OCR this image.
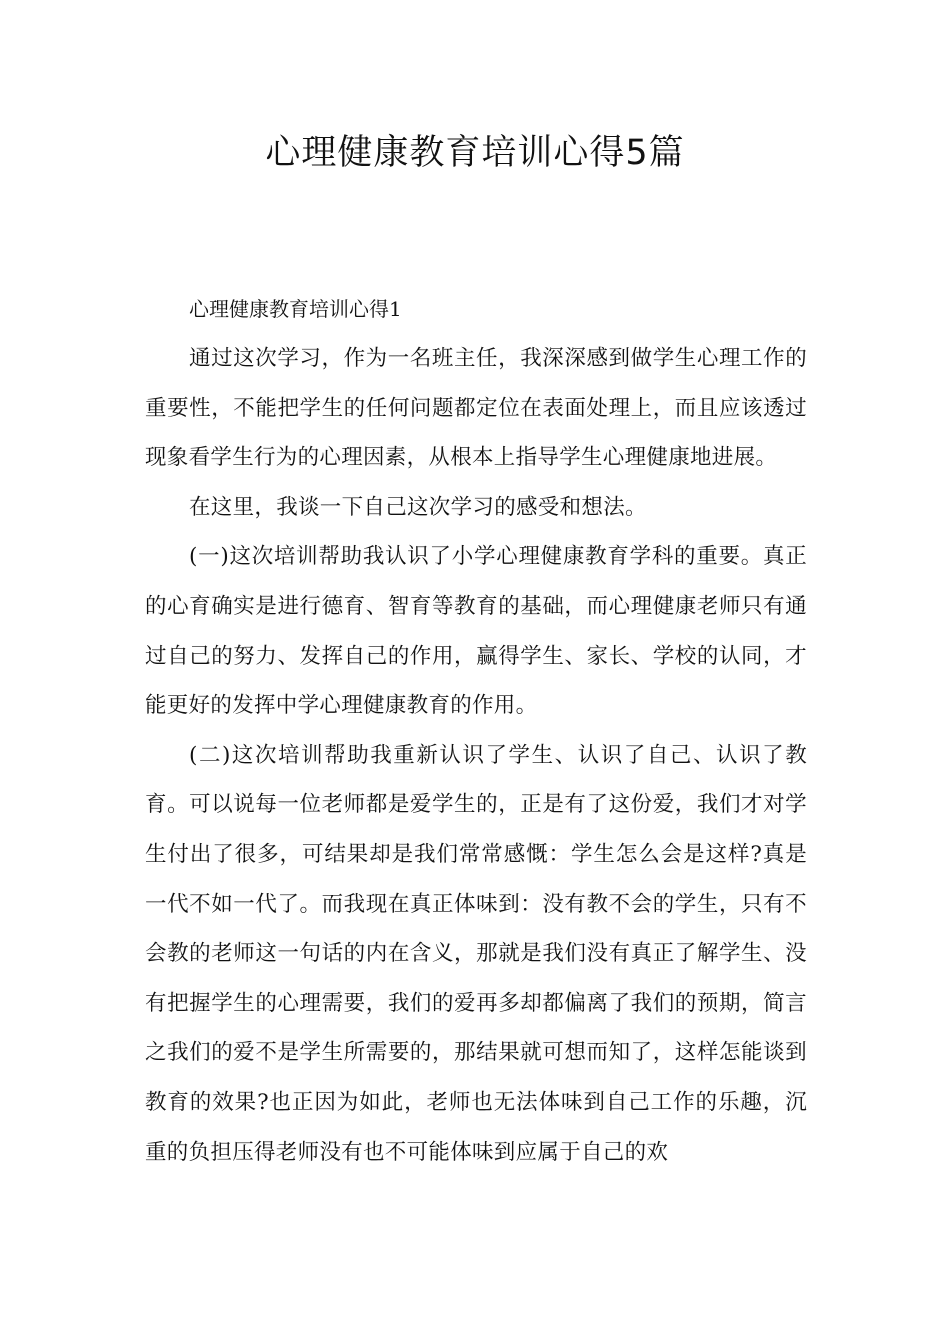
心理健康教育培训心得5篇
心理健康教育培训心得1

通过这次学习，作为一名班主任，我深深感到做学生心理工作的重要性，不能把学生的任何问题都定位在表面处理上，而且应该透过现象看学生行为的心理因素，从根本上指导学生心理健康地进展。

在这里，我谈一下自己这次学习的感受和想法。

(一)这次培训帮助我认识了小学心理健康教育学科的重要。真正的心育确实是进行德育、智育等教育的基础，而心理健康老师只有通过自己的努力、发挥自己的作用，赢得学生、家长、学校的认同，才能更好的发挥中学心理健康教育的作用。

(二)这次培训帮助我重新认识了学生、认识了自己、认识了教育。可以说每一位老师都是爱学生的，正是有了这份爱，我们才对学生付出了很多，可结果却是我们常常感慨：学生怎么会是这样?真是一代不如一代了。而我现在真正体味到：没有教不会的学生，只有不会教的老师这一句话的内在含义，那就是我们没有真正了解学生、没有把握学生的心理需要，我们的爱再多却都偏离了我们的预期，简言之我们的爱不是学生所需要的，那结果就可想而知了，这样怎能谈到教育的效果?也正因为如此，老师也无法体味到自己工作的乐趣，沉重的负担压得老师没有也不可能体味到应属于自己的欢
